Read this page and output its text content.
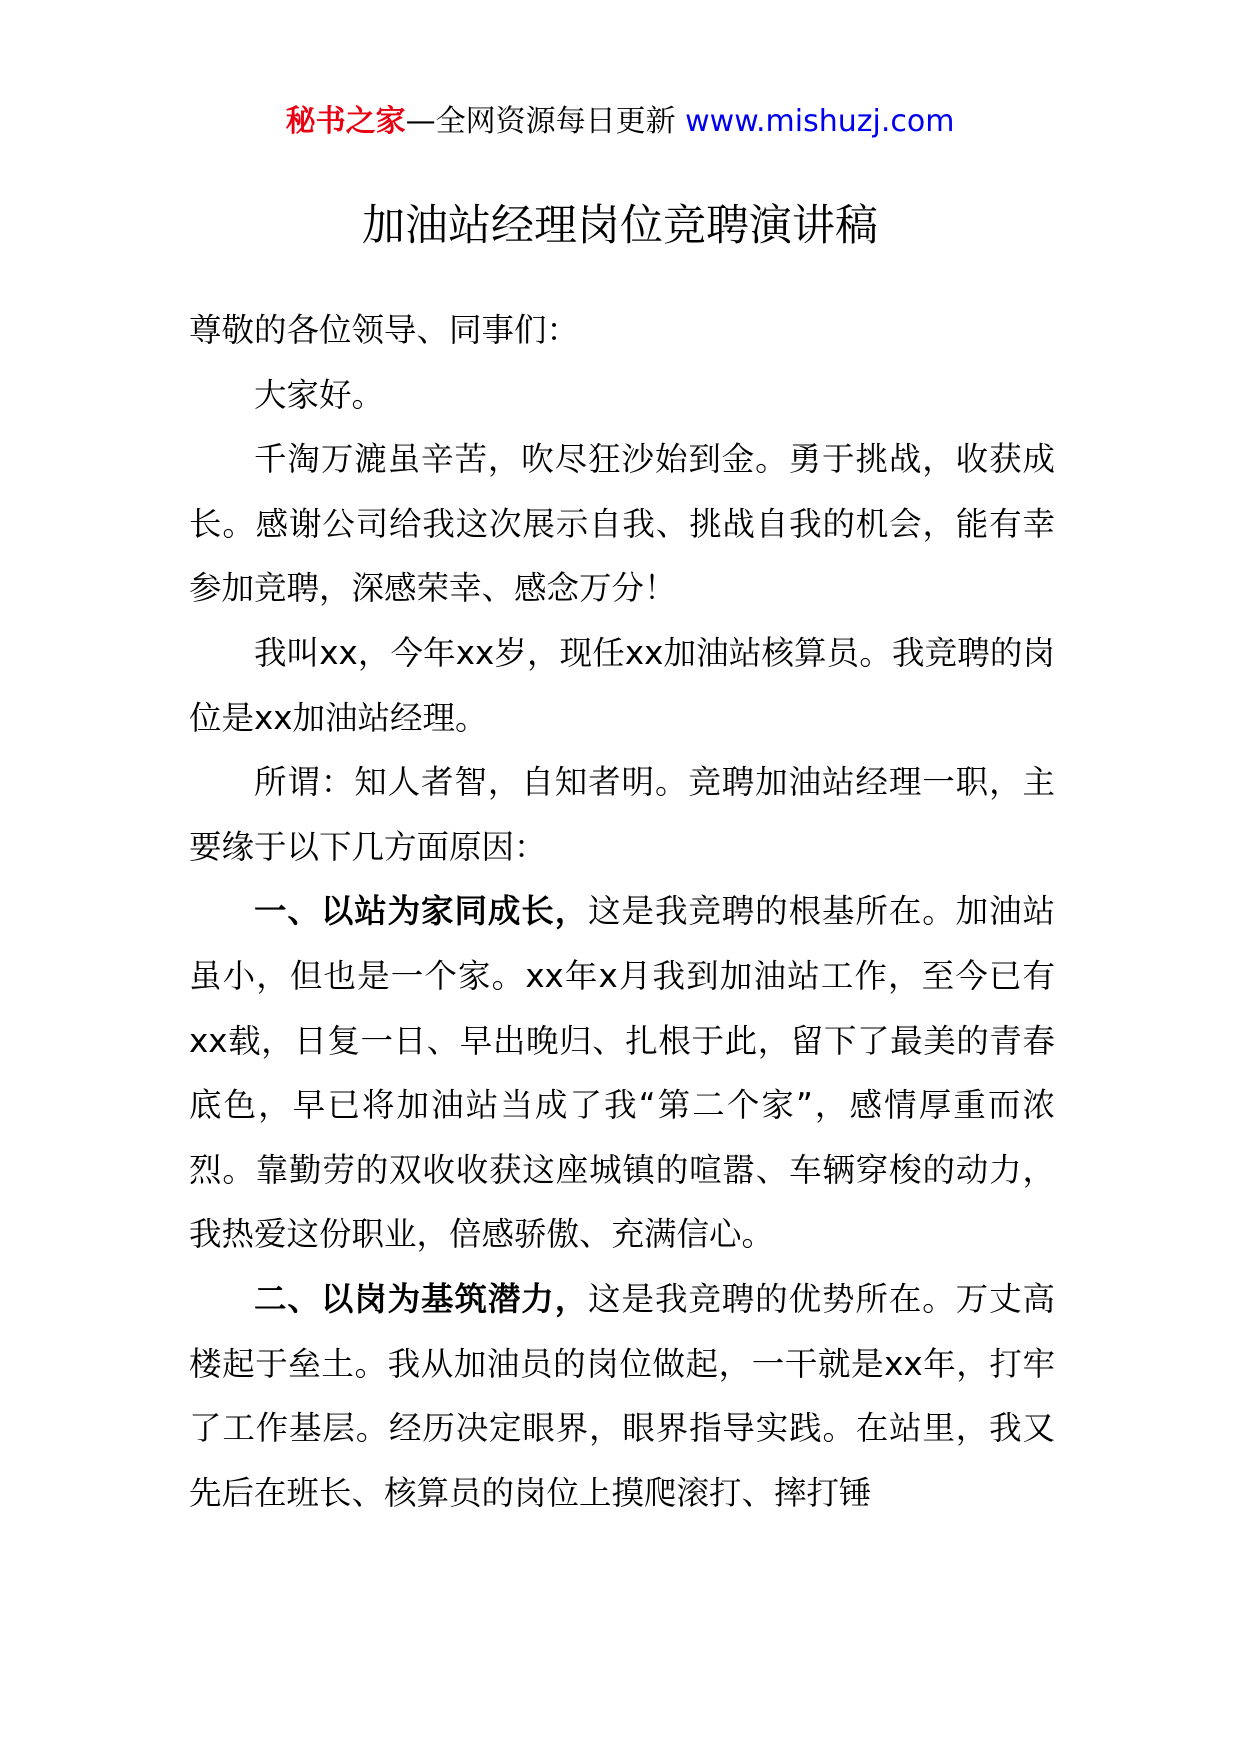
秘书之家—全网资源每日更新 www.mishuzj.com
加油站经理岗位竞聘演讲稿

尊敬的各位领导、同事们：

大家好。

千淘万漉虽辛苦，吹尽狂沙始到金。勇于挑战，收获成长。感谢公司给我这次展示自我、挑战自我的机会，能有幸参加竞聘，深感荣幸、感念万分！

我叫xx，今年xx岁，现任xx加油站核算员。我竞聘的岗位是xx加油站经理。

所谓：知人者智，自知者明。竞聘加油站经理一职，主要缘于以下几方面原因：

一、以站为家同成长，这是我竞聘的根基所在。加油站虽小，但也是一个家。xx年x月我到加油站工作，至今已有xx载，日复一日、早出晚归、扎根于此，留下了最美的青春底色，早已将加油站当成了我“第二个家”，感情厚重而浓烈。靠勤劳的双收收获这座城镇的喧嚣、车辆穿梭的动力，我热爱这份职业，倍感骄傲、充满信心。

二、以岗为基筑潜力，这是我竞聘的优势所在。万丈高楼起于垒土。我从加油员的岗位做起，一干就是xx年，打牢了工作基层。经历决定眼界，眼界指导实践。在站里，我又先后在班长、核算员的岗位上摸爬滚打、摔打锤
